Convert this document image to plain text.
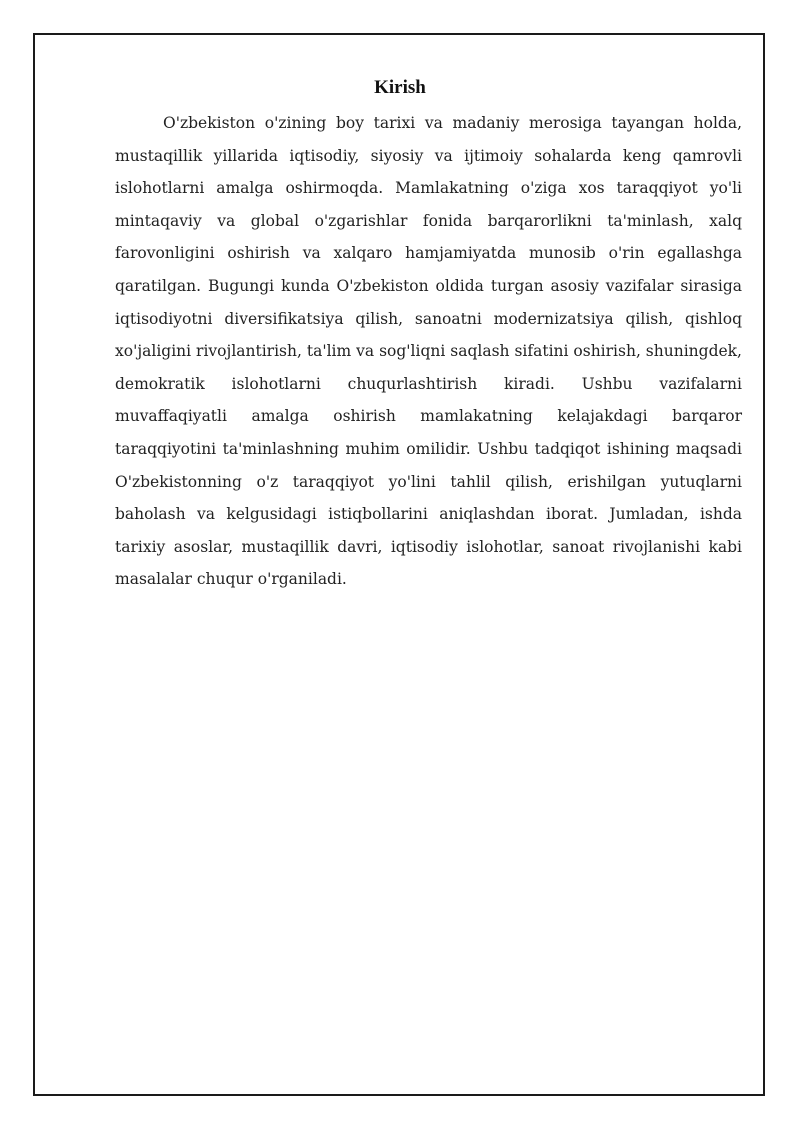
Kirish

O'zbekiston o'zining boy tarixi va madaniy merosiga tayangan holda, mustaqillik yillarida iqtisodiy, siyosiy va ijtimoiy sohalarda keng qamrovli islohotlarni amalga oshirmoqda. Mamlakatning o'ziga xos taraqqiyot yo'li mintaqaviy va global o'zgarishlar fonida barqarorlikni ta'minlash, xalq farovonligini oshirish va xalqaro hamjamiyatda munosib o'rin egallashga qaratilgan. Bugungi kunda O'zbekiston oldida turgan asosiy vazifalar sirasiga iqtisodiyotni diversifikatsiya qilish, sanoatni modernizatsiya qilish, qishloq xo'jaligini rivojlantirish, ta'lim va sog'liqni saqlash sifatini oshirish, shuningdek, demokratik islohotlarni chuqurlashtirish kiradi. Ushbu vazifalarni muvaffaqiyatli amalga oshirish mamlakatning kelajakdagi barqaror taraqqiyotini ta'minlashning muhim omilidir. Ushbu tadqiqot ishining maqsadi O'zbekistonning o'z taraqqiyot yo'lini tahlil qilish, erishilgan yutuqlarni baholash va kelgusidagi istiqbollarini aniqlashdan iborat. Jumladan, ishda tarixiy asoslar, mustaqillik davri, iqtisodiy islohotlar, sanoat rivojlanishi kabi masalalar chuqur o'rganiladi.
